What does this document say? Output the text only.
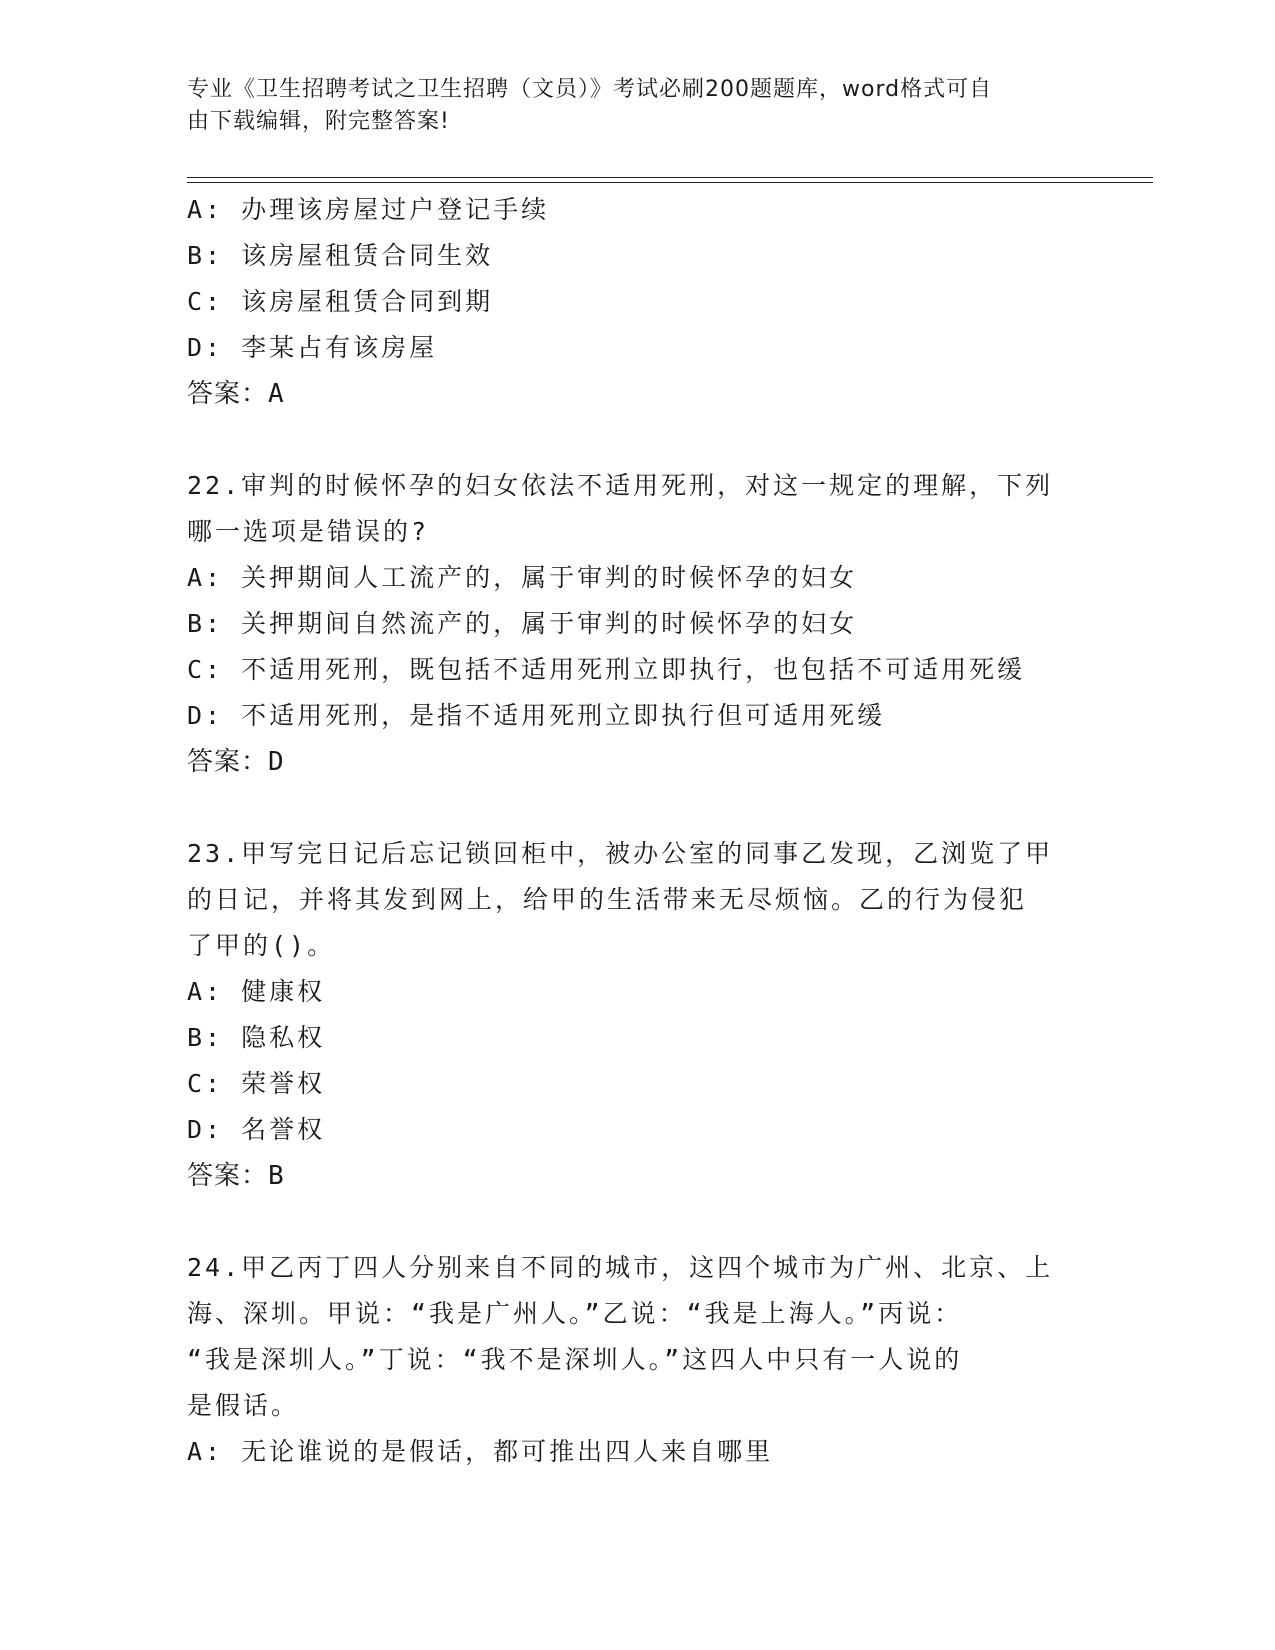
专业《卫生招聘考试之卫生招聘（文员）》考试必刷200题题库，word格式可自
由下载编辑，附完整答案!
A: 办理该房屋过户登记手续
B: 该房屋租赁合同生效
C: 该房屋租赁合同到期
D: 李某占有该房屋
答案：A
22.审判的时候怀孕的妇女依法不适用死刑，对这一规定的理解，下列
哪一选项是错误的?
A: 关押期间人工流产的，属于审判的时候怀孕的妇女
B: 关押期间自然流产的，属于审判的时候怀孕的妇女
C: 不适用死刑，既包括不适用死刑立即执行，也包括不可适用死缓
D: 不适用死刑，是指不适用死刑立即执行但可适用死缓
答案：D
23.甲写完日记后忘记锁回柜中，被办公室的同事乙发现，乙浏览了甲
的日记，并将其发到网上，给甲的生活带来无尽烦恼。乙的行为侵犯
了甲的()。
A: 健康权
B: 隐私权
C: 荣誉权
D: 名誉权
答案：B
24.甲乙丙丁四人分别来自不同的城市，这四个城市为广州、北京、上
海、深圳。甲说：“我是广州人。”乙说：“我是上海人。”丙说：
“我是深圳人。”丁说：“我不是深圳人。”这四人中只有一人说的
是假话。
A: 无论谁说的是假话，都可推出四人来自哪里
